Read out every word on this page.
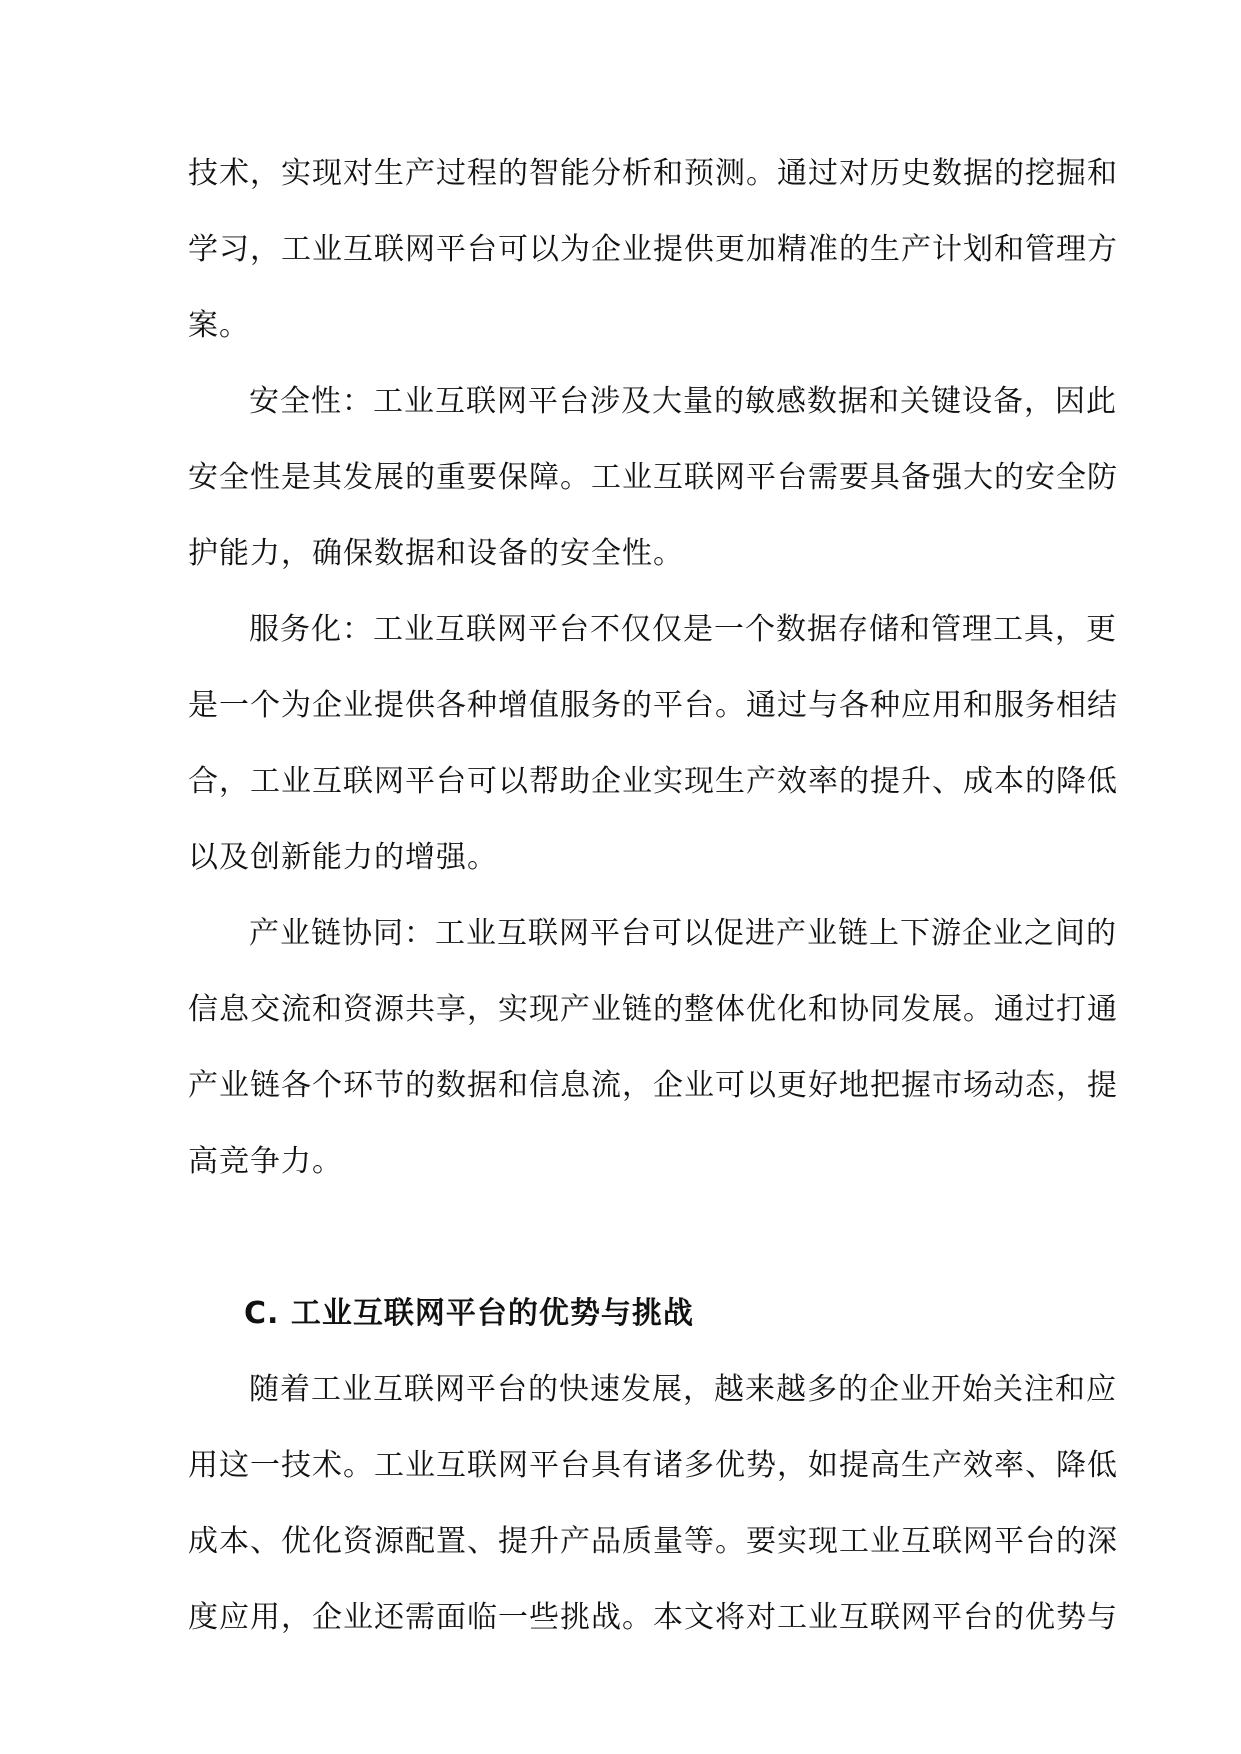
技术，实现对生产过程的智能分析和预测。通过对历史数据的挖掘和
学习，工业互联网平台可以为企业提供更加精准的生产计划和管理方
案。
安全性：工业互联网平台涉及大量的敏感数据和关键设备，因此
安全性是其发展的重要保障。工业互联网平台需要具备强大的安全防
护能力，确保数据和设备的安全性。
服务化：工业互联网平台不仅仅是一个数据存储和管理工具，更
是一个为企业提供各种增值服务的平台。通过与各种应用和服务相结
合，工业互联网平台可以帮助企业实现生产效率的提升、成本的降低
以及创新能力的增强。
产业链协同：工业互联网平台可以促进产业链上下游企业之间的
信息交流和资源共享，实现产业链的整体优化和协同发展。通过打通
产业链各个环节的数据和信息流，企业可以更好地把握市场动态，提
高竞争力。
C. 工业互联网平台的优势与挑战
随着工业互联网平台的快速发展，越来越多的企业开始关注和应
用这一技术。工业互联网平台具有诸多优势，如提高生产效率、降低
成本、优化资源配置、提升产品质量等。要实现工业互联网平台的深
度应用，企业还需面临一些挑战。本文将对工业互联网平台的优势与
